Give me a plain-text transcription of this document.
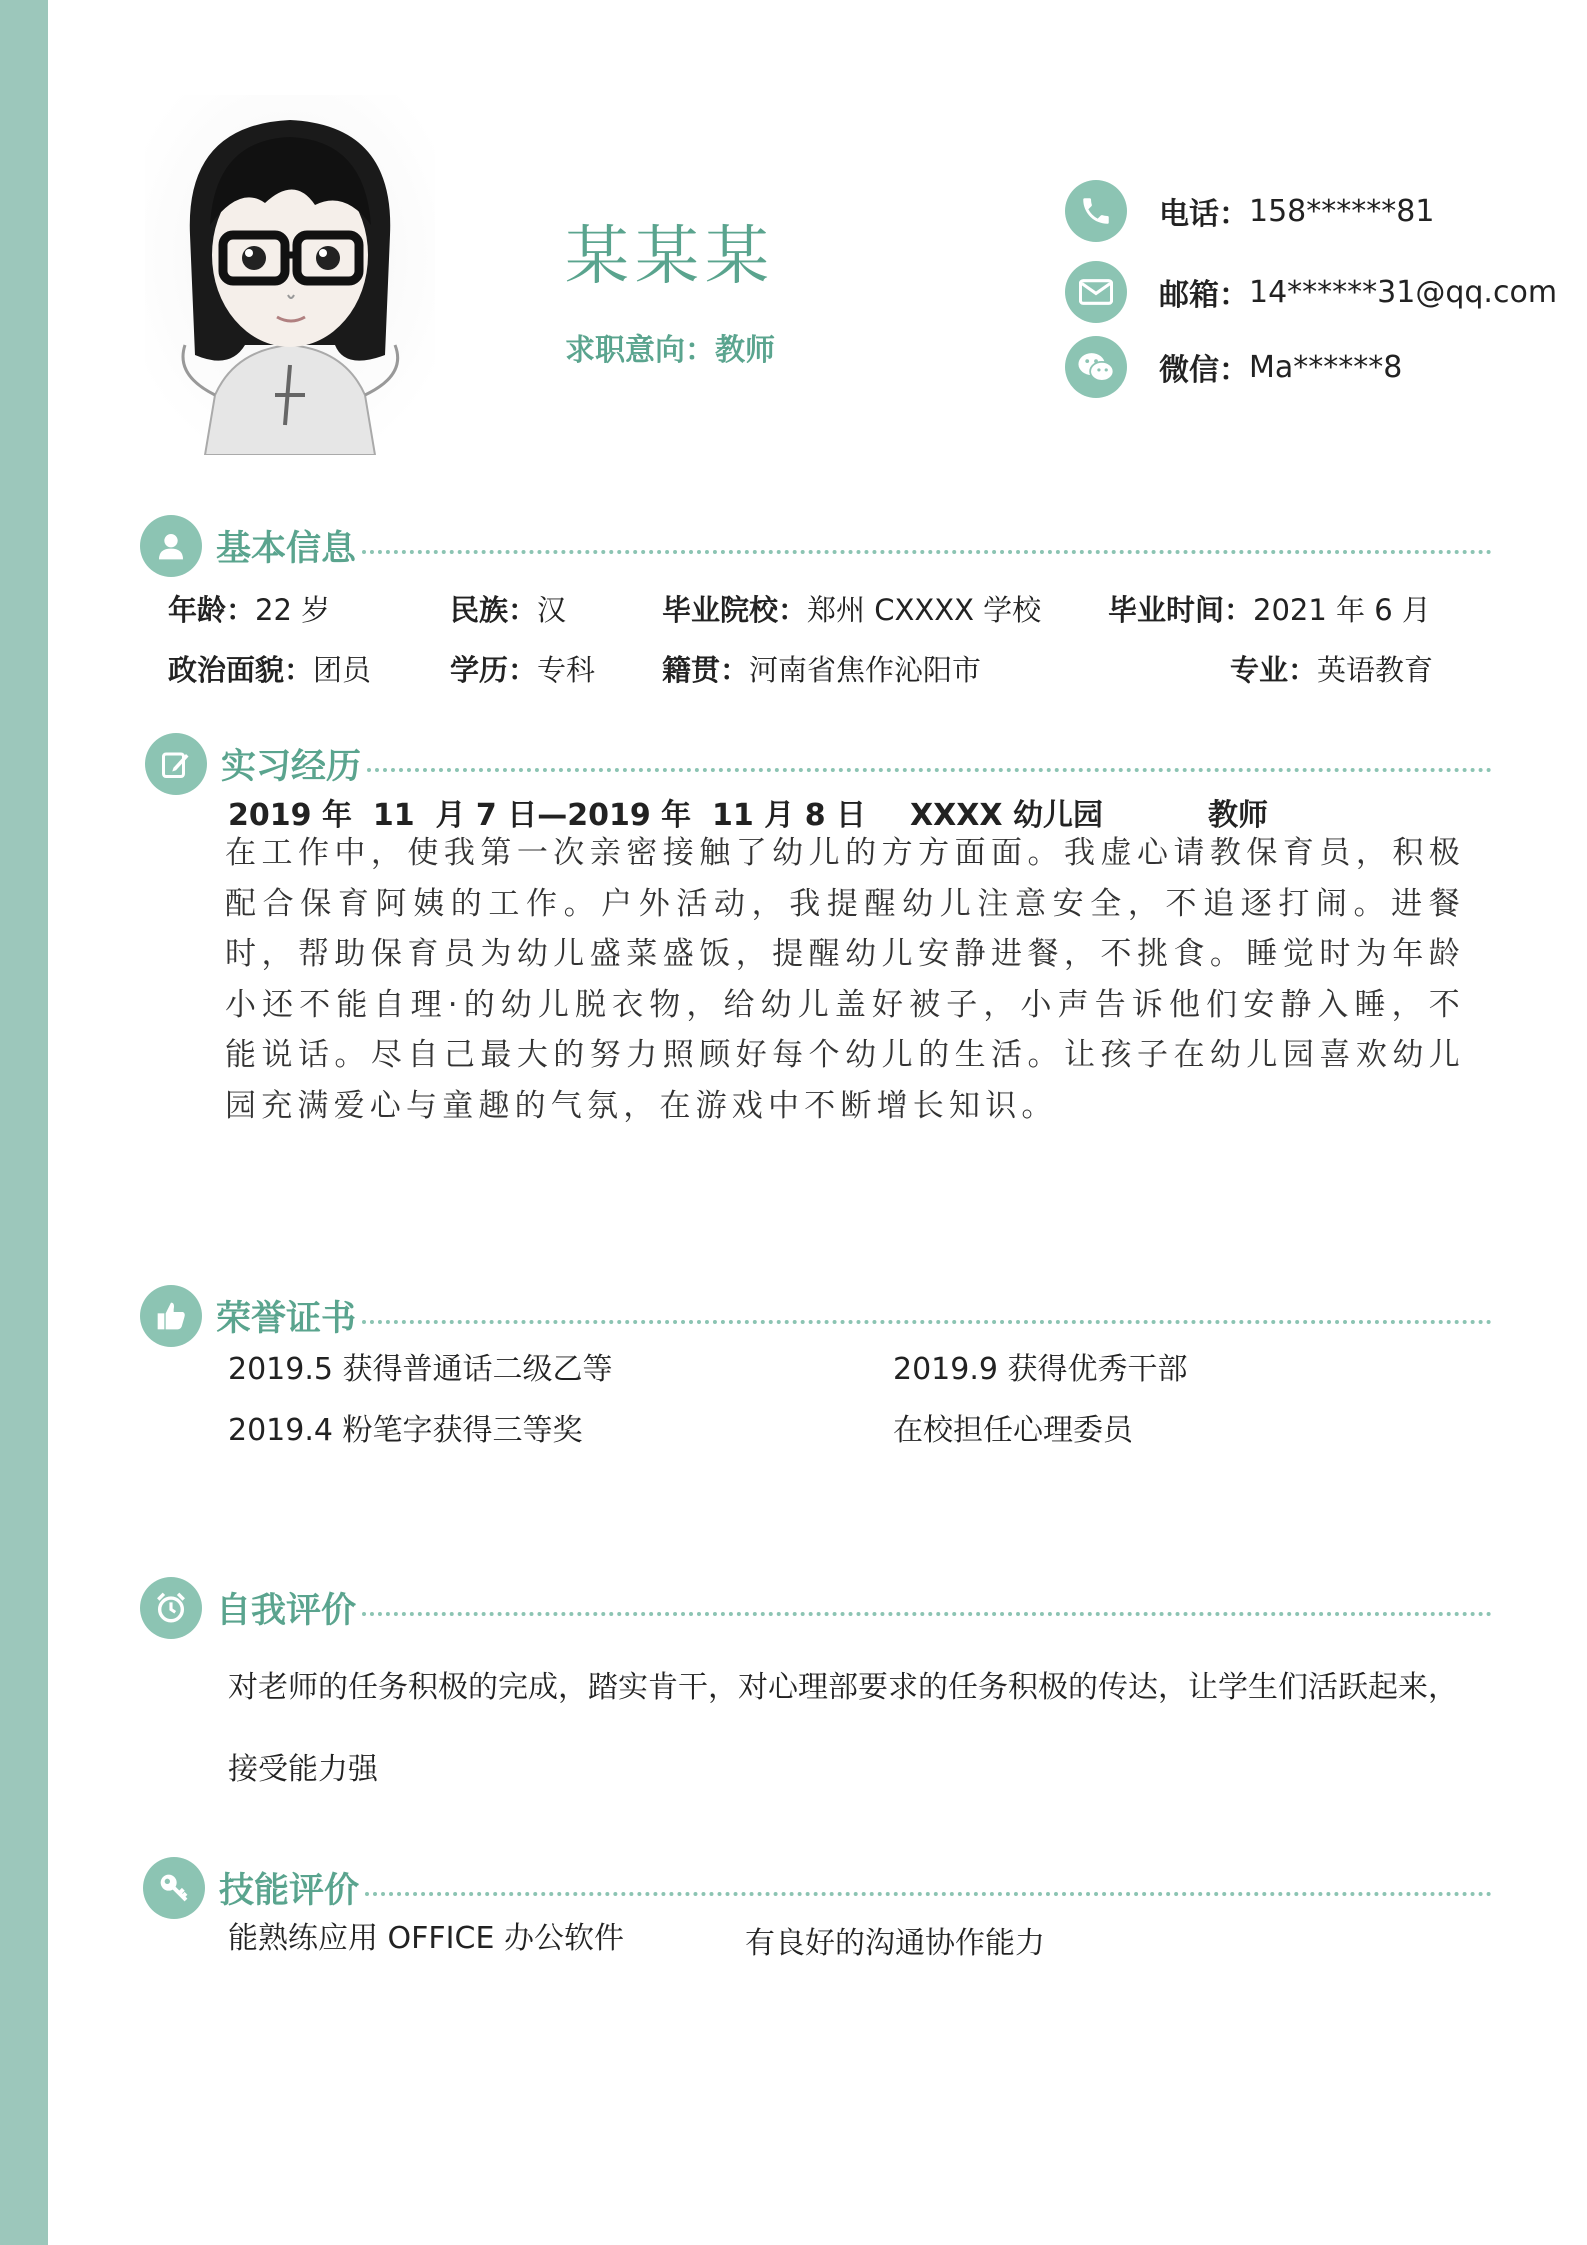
某某某
求职意向：教师
电话： 158******81
邮箱： 14******31@qq.com
微信： Ma******8
基本信息
年龄：22 岁	民族：汉	毕业院校：郑州 CXXXX 学校 毕业时间：2021 年 6 月
政治面貌：团员	学历：专科 籍贯：河南省焦作沁阳市	专业：英语教育
实习经历
2019 年  11  月 7 日—2019 年  11 月 8 日 XXXX 幼儿园	教师
在工作中，使我第一次亲密接触了幼儿的方方面面。我虚心请教保育员，积极配合保育阿姨的工作。户外活动，我提醒幼儿注意安全，不追逐打闹。进餐时，帮助保育员为幼儿盛菜盛饭，提醒幼儿安静进餐，不挑食。睡觉时为年龄小还不能自理·的幼儿脱衣物，给幼儿盖好被子，小声告诉他们安静入睡，不能说话。尽自己最大的努力照顾好每个幼儿的生活。让孩子在幼儿园喜欢幼儿园充满爱心与童趣的气氛，在游戏中不断增长知识。
荣誉证书
2019.5 获得普通话二级乙等	2019.9 获得优秀干部
2019.4 粉笔字获得三等奖	在校担任心理委员
自我评价
对老师的任务积极的完成，踏实肯干，对心理部要求的任务积极的传达，让学生们活跃起来，
接受能力强
技能评价
能熟练应用 OFFICE 办公软件	有良好的沟通协作能力
